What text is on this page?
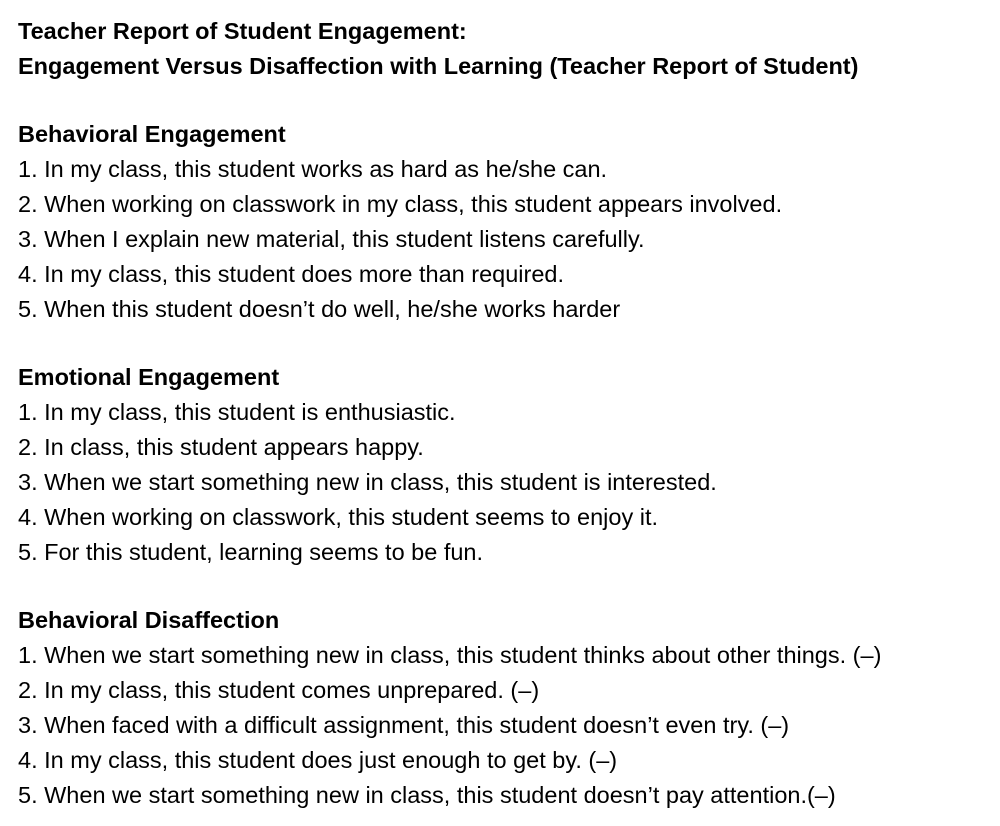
Teacher Report of Student Engagement:
Engagement Versus Disaffection with Learning (Teacher Report of Student)
Behavioral Engagement
1. In my class, this student works as hard as he/she can.
2. When working on classwork in my class, this student appears involved.
3. When I explain new material, this student listens carefully.
4. In my class, this student does more than required.
5. When this student doesn’t do well, he/she works harder
Emotional Engagement
1. In my class, this student is enthusiastic.
2. In class, this student appears happy.
3. When we start something new in class, this student is interested.
4. When working on classwork, this student seems to enjoy it.
5. For this student, learning seems to be fun.
Behavioral Disaffection
1. When we start something new in class, this student thinks about other things. (–)
2. In my class, this student comes unprepared. (–)
3. When faced with a difficult assignment, this student doesn’t even try. (–)
4. In my class, this student does just enough to get by. (–)
5. When we start something new in class, this student doesn’t pay attention.(–)
